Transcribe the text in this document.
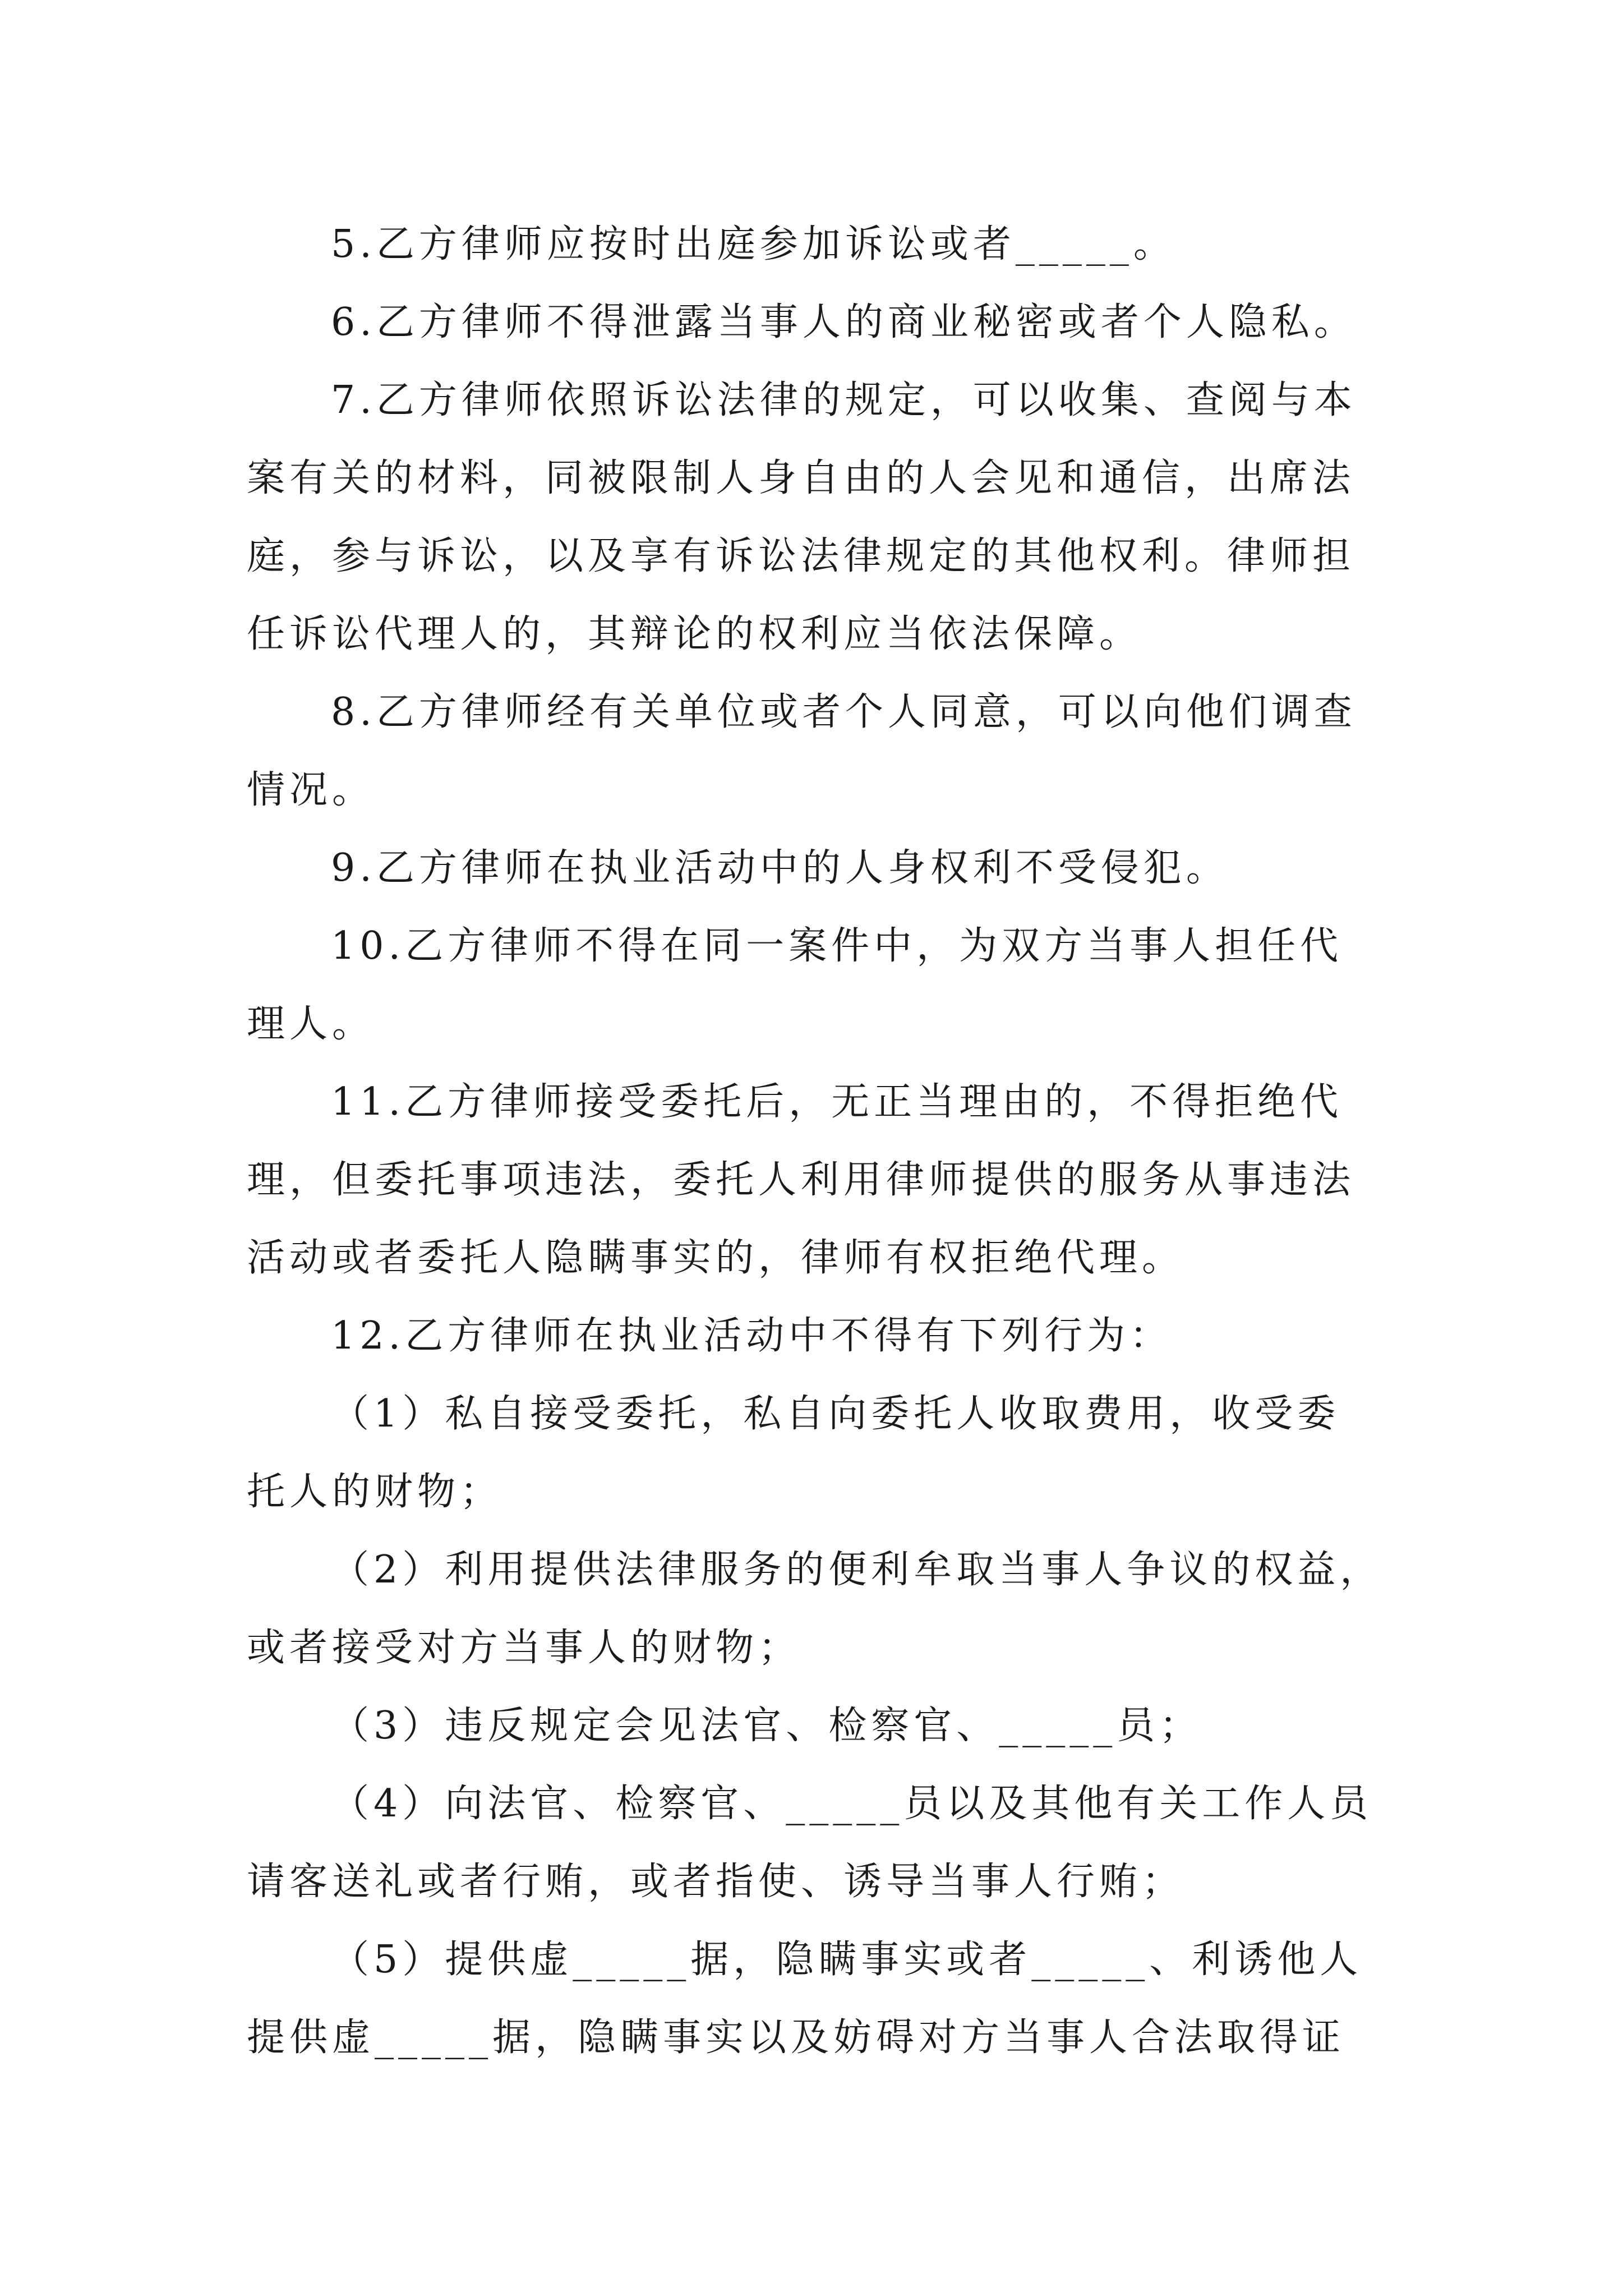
5.乙方律师应按时出庭参加诉讼或者_____。
6.乙方律师不得泄露当事人的商业秘密或者个人隐私。
7.乙方律师依照诉讼法律的规定，可以收集、查阅与本
案有关的材料，同被限制人身自由的人会见和通信，出席法
庭，参与诉讼，以及享有诉讼法律规定的其他权利。律师担
任诉讼代理人的，其辩论的权利应当依法保障。
8.乙方律师经有关单位或者个人同意，可以向他们调查
情况。
9.乙方律师在执业活动中的人身权利不受侵犯。
10.乙方律师不得在同一案件中，为双方当事人担任代
理人。
11.乙方律师接受委托后，无正当理由的，不得拒绝代
理，但委托事项违法，委托人利用律师提供的服务从事违法
活动或者委托人隐瞒事实的，律师有权拒绝代理。
12.乙方律师在执业活动中不得有下列行为：
（1）私自接受委托，私自向委托人收取费用，收受委
托人的财物；
（2）利用提供法律服务的便利牟取当事人争议的权益，
或者接受对方当事人的财物；
（3）违反规定会见法官、检察官、_____员；
（4）向法官、检察官、_____员以及其他有关工作人员
请客送礼或者行贿，或者指使、诱导当事人行贿；
（5）提供虚_____据，隐瞒事实或者_____、利诱他人
提供虚_____据，隐瞒事实以及妨碍对方当事人合法取得证
